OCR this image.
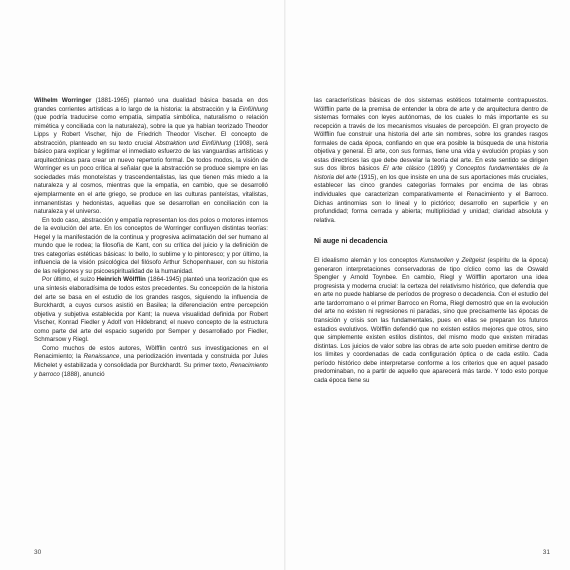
Wilhelm Worringer (1881-1965) planteó una dualidad básica basada en dos grandes corrientes artísticas a lo largo de la historia: la abstracción y la Einfühlung (que podría traducirse como empatía, simpatía simbólica, naturalismo o relación mimética y conciliada con la naturaleza), sobre la que ya habían teorizado Theodor Lipps y Robert Vischer, hijo de Friedrich Theodor Vischer. El concepto de abstracción, planteado en su texto crucial Abstraktion und Einfühlung (1908), será básico para explicar y legitimar el inmediato esfuerzo de las vanguardias artísticas y arquitectónicas para crear un nuevo repertorio formal. De todos modos, la visión de Worringer es un poco crítica al señalar que la abstracción se produce siempre en las sociedades más monoteístas y trascendentalistas, las que tienen más miedo a la naturaleza y al cosmos, mientras que la empatía, en cambio, que se desarrolló ejemplarmente en el arte griego, se produce en las culturas panteístas, vitalistas, inmanentistas y hedonistas, aquellas que se desarrollan en conciliación con la naturaleza y el universo.

En todo caso, abstracción y empatía representan los dos polos o motores internos de la evolución del arte. En los conceptos de Worringer confluyen distintas teorías: Hegel y la manifestación de la continua y progresiva aclimatación del ser humano al mundo que le rodea; la filosofía de Kant, con su crítica del juicio y la definición de tres categorías estéticas básicas: lo bello, lo sublime y lo pintoresco; y por último, la influencia de la visión psicológica del filósofo Arthur Schopenhauer, con su historia de las religiones y su psicoespiritualidad de la humanidad.

Por último, el suizo Heinrich Wölfflin (1864-1945) planteó una teorización que es una síntesis elaboradísima de todos estos precedentes. Su concepción de la historia del arte se basa en el estudio de los grandes rasgos, siguiendo la influencia de Burckhardt, a cuyos cursos asistió en Basilea; la diferenciación entre percepción objetiva y subjetiva establecida por Kant; la nueva visualidad definida por Robert Vischer, Konrad Fiedler y Adolf von Hildebrand; el nuevo concepto de la estructura como parte del arte del espacio sugerido por Semper y desarrollado por Fiedler, Schmarsow y Riegl.

Como muchos de estos autores, Wölfflin centró sus investigaciones en el Renacimiento; la Renaissance, una periodización inventada y construida por Jules Michelet y estabilizada y consolidada por Burckhardt. Su primer texto, Renacimiento y barroco (1888), anunció

30

las características básicas de dos sistemas estéticos totalmente contrapuestos. Wölfflin parte de la premisa de entender la obra de arte y de arquitectura dentro de sistemas formales con leyes autónomas, de los cuales lo más importante es su recepción a través de los mecanismos visuales de percepción. El gran proyecto de Wölfflin fue construir una historia del arte sin nombres, sobre los grandes rasgos formales de cada época, confiando en que era posible la búsqueda de una historia objetiva y general. El arte, con sus formas, tiene una vida y evolución propias y son estas directrices las que debe desvelar la teoría del arte. En este sentido se dirigen sus dos libros básicos El arte clásico (1899) y Conceptos fundamentales de la historia del arte (1915), en los que insiste en una de sus aportaciones más cruciales, establecer las cinco grandes categorías formales por encima de las obras individuales que caracterizan comparativamente el Renacimiento y el Barroco. Dichas antinomias son lo lineal y lo pictórico; desarrollo en superficie y en profundidad; forma cerrada y abierta; multiplicidad y unidad; claridad absoluta y relativa.

Ni auge ni decadencia

El idealismo alemán y los conceptos Kunstwollen y Zeitgeist (espíritu de la época) generaron interpretaciones conservadoras de tipo cíclico como las de Oswald Spengler y Arnold Toynbee. En cambio, Riegl y Wölfflin aportaron una idea progresista y moderna crucial: la certeza del relativismo histórico, que defendía que en arte no puede hablarse de períodos de progreso o decadencia. Con el estudio del arte tardorromano o el primer Barroco en Roma, Riegl demostró que en la evolución del arte no existen ni regresiones ni paradas, sino que precisamente las épocas de transición y crisis son las fundamentales, pues en ellas se preparan los futuros estadios evolutivos. Wölfflin defendió que no existen estilos mejores que otros, sino que simplemente existen estilos distintos, del mismo modo que existen miradas distintas. Los juicios de valor sobre las obras de arte solo pueden emitirse dentro de los límites y coordenadas de cada configuración óptica o de cada estilo. Cada período histórico debe interpretarse conforme a los criterios que en aquel pasado predominaban, no a partir de aquello que aparecerá más tarde. Y todo esto porque cada época tiene su

31
